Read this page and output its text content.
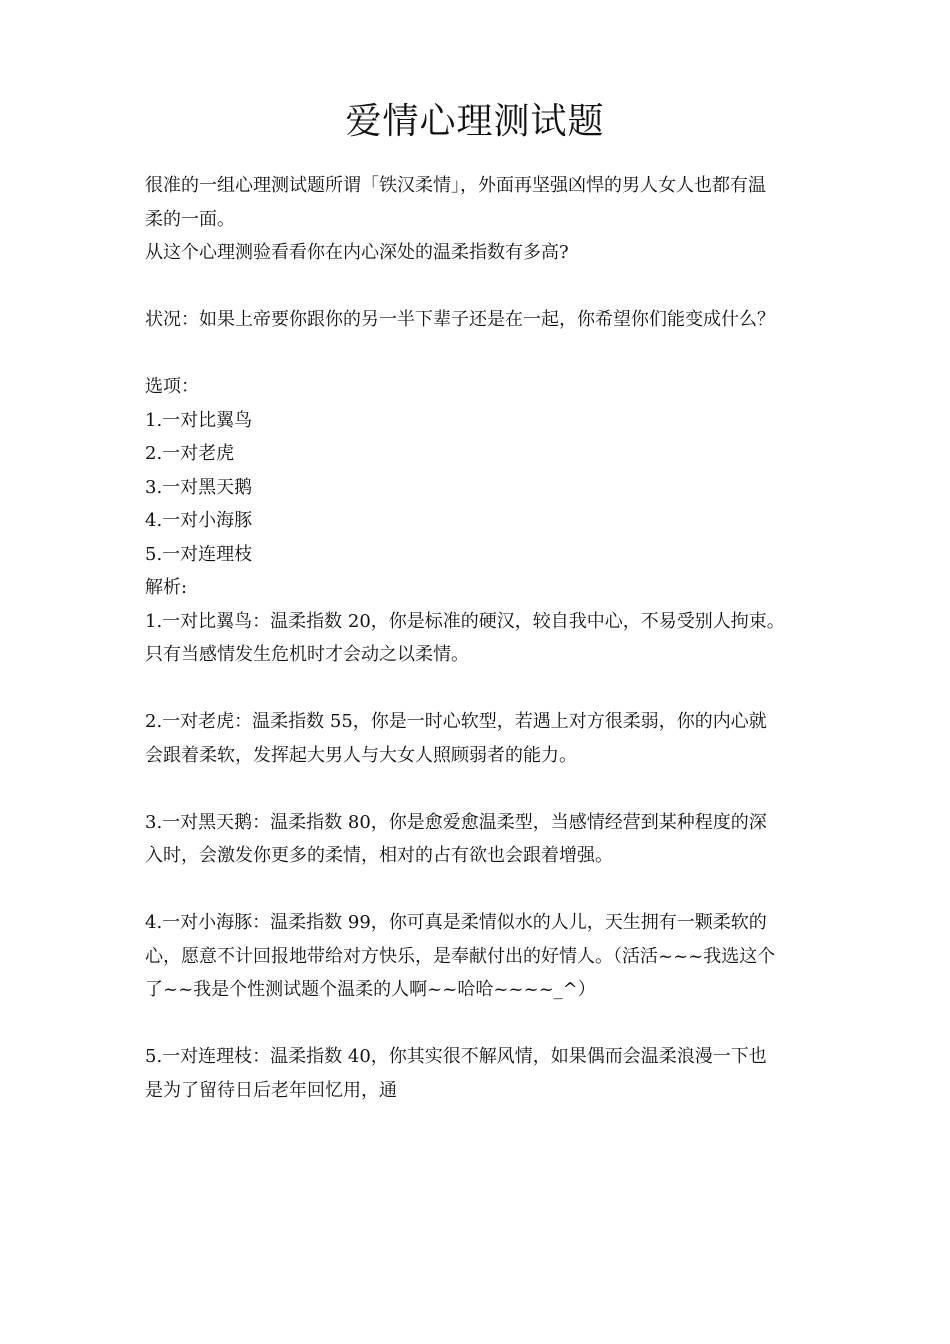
爱情心理测试题
很准的一组心理测试题所谓「铁汉柔情」，外面再坚强凶悍的男人女人也都有温
柔的一面。
从这个心理测验看看你在内心深处的温柔指数有多高?
状况：如果上帝要你跟你的另一半下辈子还是在一起，你希望你们能变成什么？
选项：
1.一对比翼鸟
2.一对老虎
3.一对黑天鹅
4.一对小海豚
5.一对连理枝
解析:
1.一对比翼鸟：温柔指数 20，你是标准的硬汉，较自我中心，不易受别人拘束。
只有当感情发生危机时才会动之以柔情。
2.一对老虎：温柔指数 55，你是一时心软型，若遇上对方很柔弱，你的内心就
会跟着柔软，发挥起大男人与大女人照顾弱者的能力。
3.一对黑天鹅：温柔指数 80，你是愈爱愈温柔型，当感情经营到某种程度的深
入时，会激发你更多的柔情，相对的占有欲也会跟着增强。
4.一对小海豚：温柔指数 99，你可真是柔情似水的人儿，天生拥有一颗柔软的
心，愿意不计回报地带给对方快乐，是奉献付出的好情人。（活活~~~我选这个
了~~我是个性测试题个温柔的人啊~~哈哈~~~~_^）
5.一对连理枝：温柔指数 40，你其实很不解风情，如果偶而会温柔浪漫一下也
是为了留待日后老年回忆用，通
